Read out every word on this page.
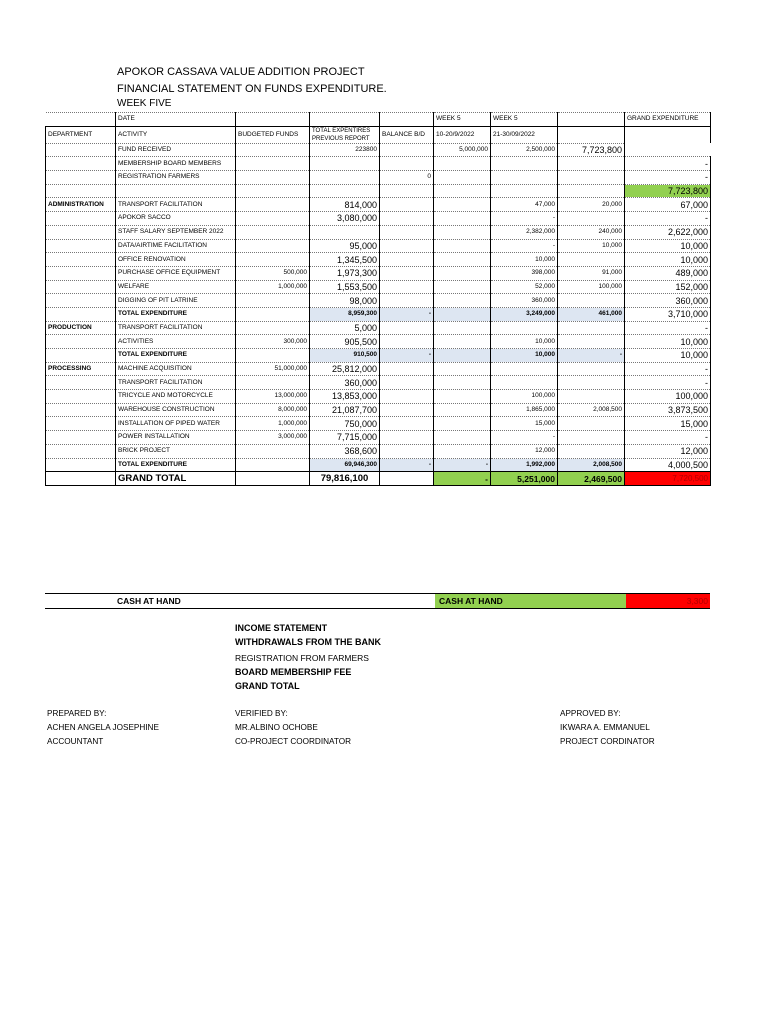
APOKOR CASSAVA VALUE ADDITION PROJECT
FINANCIAL STATEMENT ON FUNDS EXPENDITURE.
WEEK FIVE
	DATE				WEEK 5	WEEK 5		GRAND EXPENDITURE
DEPARTMENT	ACTIVITY	BUDGETED FUNDS	TOTAL EXPENTIRES PREVIOUS REPORT	BALANCE B/D	10-20/9/2022	21-30/09/2022		
	FUND RECEIVED		223800		5,000,000	2,500,000	7,723,800	
	MEMBERSHIP BOARD MEMBERS							-
	REGISTRATION FARMERS			0				-
								7,723,800
ADMINISTRATION	TRANSPORT FACILITATION		814,000			47,000	20,000	67,000
	APOKOR SACCO		3,080,000			-		-
	STAFF SALARY SEPTEMBER 2022					2,382,000	240,000	2,622,000
	DATA/AIRTIME FACILITATION		95,000			-	10,000	10,000
	OFFICE RENOVATION		1,345,500			10,000		10,000
	PURCHASE OFFICE EQUIPMENT	500,000	1,973,300			398,000	91,000	489,000
	WELFARE	1,000,000	1,553,500			52,000	100,000	152,000
	DIGGING OF PIT LATRINE		98,000			360,000		360,000
	TOTAL EXPENDITURE		8,959,300	-		3,249,000	461,000	3,710,000
PRODUCTION	TRANSPORT FACILITATION		5,000					-
	ACTIVITIES	300,000	905,500			10,000		10,000
	TOTAL EXPENDITURE		910,500	-		10,000	-	10,000
PROCESSING	MACHINE ACQUISITION	51,000,000	25,812,000					-
	TRANSPORT FACILITATION		360,000					-
	TRICYCLE AND MOTORCYCLE	13,000,000	13,853,000			100,000		100,000
	WAREHOUSE CONSTRUCTION	8,000,000	21,087,700			1,865,000	2,008,500	3,873,500
	INSTALLATION OF PIPED WATER	1,000,000	750,000			15,000		15,000
	POWER INSTALLATION	3,000,000	7,715,000			-		-
	BRICK PROJECT		368,600			12,000		12,000
	TOTAL EXPENDITURE		69,946,300	-	-	1,992,000	2,008,500	4,000,500
	GRAND TOTAL		79,816,100		-	5,251,000	2,469,500	7,720,500
CASH AT HAND	CASH AT HAND	3,300
INCOME STATEMENT
WITHDRAWALS FROM THE BANK
REGISTRATION FROM FARMERS
BOARD MEMBERSHIP FEE
GRAND TOTAL
PREPARED BY:
ACHEN ANGELA JOSEPHINE
ACCOUNTANT
VERIFIED BY:
MR.ALBINO OCHOBE
CO-PROJECT COORDINATOR
APPROVED BY:
IKWARA A. EMMANUEL
PROJECT CORDINATOR
